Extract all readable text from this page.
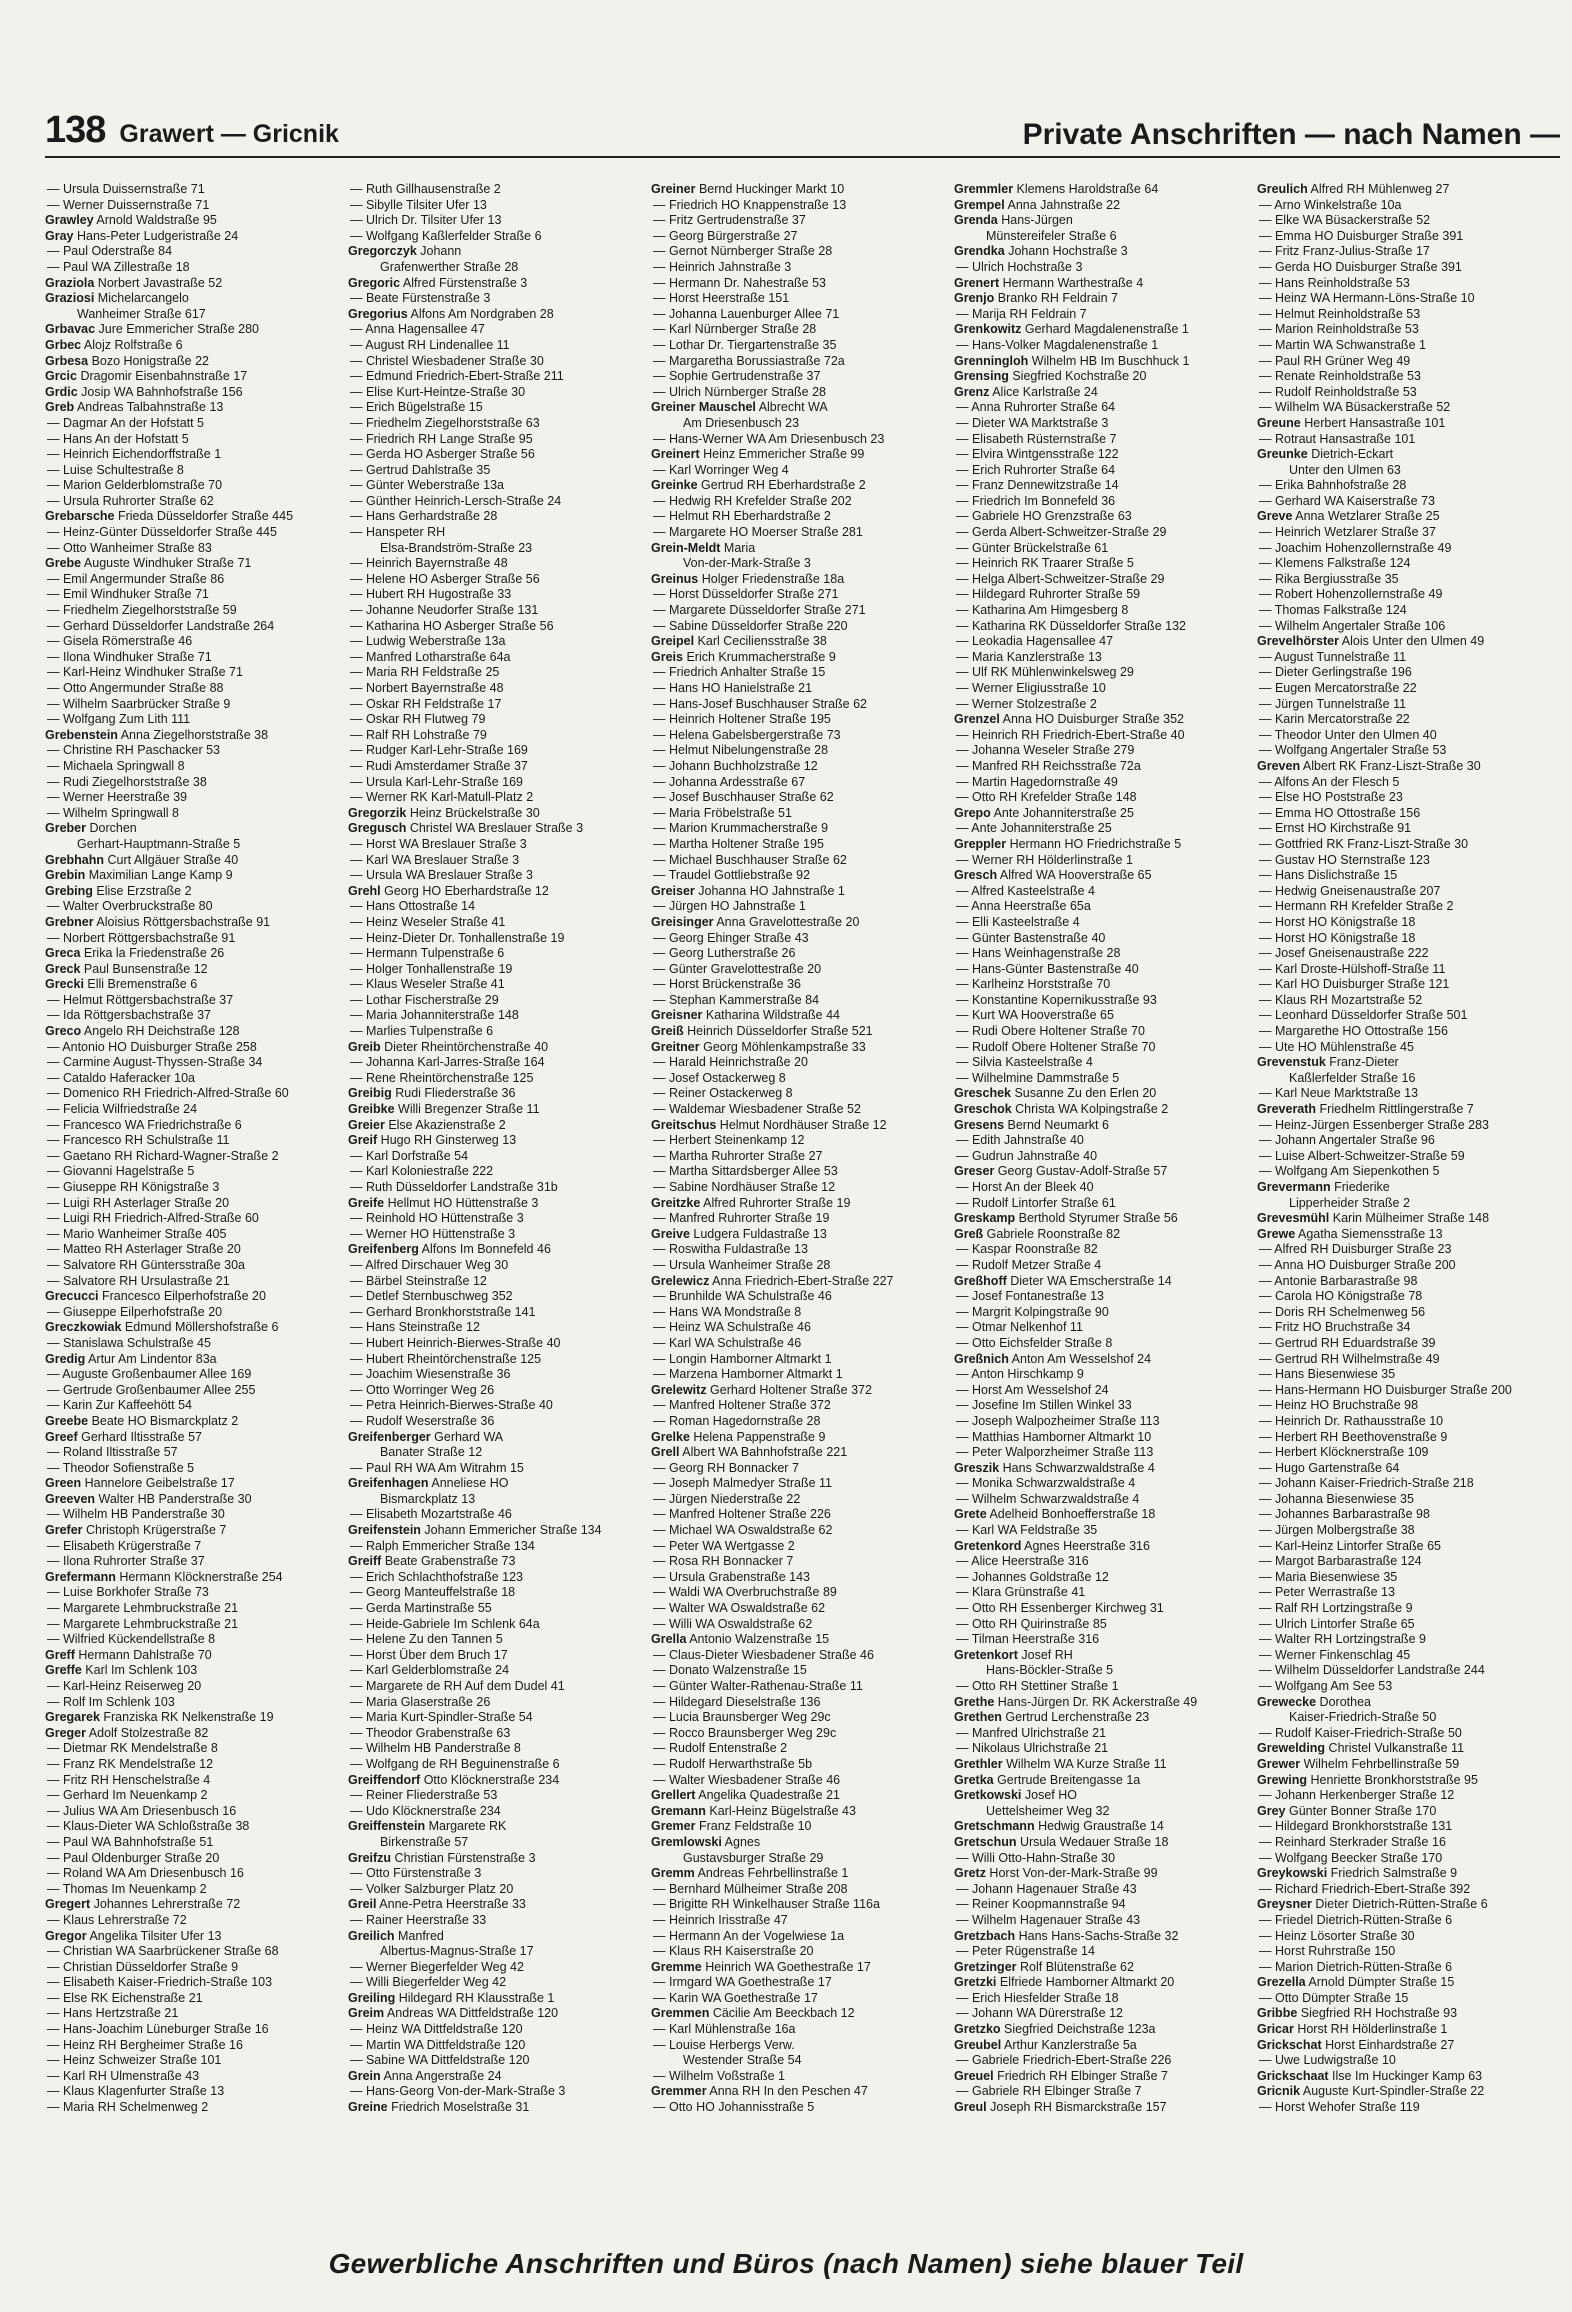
138 Grawert — Gricnik	Private Anschriften — nach Namen —
— Ursula Duissernstraße 71
— Werner Duissernstraße 71
Grawley Arnold Waldstraße 95
Gray Hans-Peter Ludgeristraße 24
— Paul Oderstraße 84
— Paul WA Zillestraße 18
Graziola Norbert Javastraße 52
Graziosi Michelarcangelo
Wanheimer Straße 617
Grbavac Jure Emmericher Straße 280
Grbec Alojz Rolfstraße 6
Grbesa Bozo Honigstraße 22
Grcic Dragomir Eisenbahnstraße 17
Grdic Josip WA Bahnhofstraße 156
Greb Andreas Talbahnstraße 13
— Dagmar An der Hofstatt 5
— Hans An der Hofstatt 5
— Heinrich Eichendorffstraße 1
— Luise Schultestraße 8
— Marion Gelderblomstraße 70
— Ursula Ruhrorter Straße 62
Grebarsche Frieda Düsseldorfer Straße 445
— Heinz-Günter Düsseldorfer Straße 445
— Otto Wanheimer Straße 83
Grebe Auguste Windhuker Straße 71
— Emil Angermunder Straße 86
— Emil Windhuker Straße 71
— Friedhelm Ziegelhorststraße 59
— Gerhard Düsseldorfer Landstraße 264
— Gisela Römerstraße 46
— Ilona Windhuker Straße 71
— Karl-Heinz Windhuker Straße 71
— Otto Angermunder Straße 88
— Wilhelm Saarbrücker Straße 9
— Wolfgang Zum Lith 111
Grebenstein Anna Ziegelhorststraße 38
— Christine RH Paschacker 53
— Michaela Springwall 8
— Rudi Ziegelhorststraße 38
— Werner Heerstraße 39
— Wilhelm Springwall 8
Greber Dorchen
Gerhart-Hauptmann-Straße 5
Grebhahn Curt Allgäuer Straße 40
Grebin Maximilian Lange Kamp 9
Grebing Elise Erzstraße 2
— Walter Overbruckstraße 80
Grebner Aloisius Röttgersbachstraße 91
— Norbert Röttgersbachstraße 91
Greca Erika la Friedenstraße 26
Greck Paul Bunsenstraße 12
Grecki Elli Bremenstraße 6
— Helmut Röttgersbachstraße 37
— Ida Röttgersbachstraße 37
Greco Angelo RH Deichstraße 128
— Antonio HO Duisburger Straße 258
— Carmine August-Thyssen-Straße 34
— Cataldo Haferacker 10a
— Domenico RH Friedrich-Alfred-Straße 60
— Felicia Wilfriedstraße 24
— Francesco WA Friedrichstraße 6
— Francesco RH Schulstraße 11
— Gaetano RH Richard-Wagner-Straße 2
— Giovanni Hagelstraße 5
— Giuseppe RH Königstraße 3
— Luigi RH Asterlager Straße 20
— Luigi RH Friedrich-Alfred-Straße 60
— Mario Wanheimer Straße 405
— Matteo RH Asterlager Straße 20
— Salvatore RH Güntersstraße 30a
— Salvatore RH Ursulastraße 21
Grecucci Francesco Eilperhofstraße 20
— Giuseppe Eilperhofstraße 20
Greczkowiak Edmund Möllershofstraße 6
— Stanislawa Schulstraße 45
Gredig Artur Am Lindentor 83a
— Auguste Großenbaumer Allee 169
— Gertrude Großenbaumer Allee 255
— Karin Zur Kaffeehött 54
Greebe Beate HO Bismarckplatz 2
Greef Gerhard Iltisstraße 57
— Roland Iltisstraße 57
— Theodor Sofienstraße 5
Green Hannelore Geibelstraße 17
Greeven Walter HB Panderstraße 30
— Wilhelm HB Panderstraße 30
Grefer Christoph Krügerstraße 7
— Elisabeth Krügerstraße 7
— Ilona Ruhrorter Straße 37
Grefermann Hermann Klöcknerstraße 254
— Luise Borkhofer Straße 73
— Margarete Lehmbruckstraße 21
— Margarete Lehmbruckstraße 21
— Wilfried Kückendellstraße 8
Greff Hermann Dahlstraße 70
Greffe Karl Im Schlenk 103
— Karl-Heinz Reiserweg 20
— Rolf Im Schlenk 103
Gregarek Franziska RK Nelkenstraße 19
Greger Adolf Stolzestraße 82
— Dietmar RK Mendelstraße 8
— Franz RK Mendelstraße 12
— Fritz RH Henschelstraße 4
— Gerhard Im Neuenkamp 2
— Julius WA Am Driesenbusch 16
— Klaus-Dieter WA Schloßstraße 38
— Paul WA Bahnhofstraße 51
— Paul Oldenburger Straße 20
— Roland WA Am Driesenbusch 16
— Thomas Im Neuenkamp 2
Gregert Johannes Lehrerstraße 72
— Klaus Lehrerstraße 72
Gregor Angelika Tilsiter Ufer 13
— Christian WA Saarbrückener Straße 68
— Christian Düsseldorfer Straße 9
— Elisabeth Kaiser-Friedrich-Straße 103
— Else RK Eichenstraße 21
— Hans Hertzstraße 21
— Hans-Joachim Lüneburger Straße 16
— Heinz RH Bergheimer Straße 16
— Heinz Schweizer Straße 101
— Karl RH Ulmenstraße 43
— Klaus Klagenfurter Straße 13
— Maria RH Schelmenweg 2
— Ruth Gillhausenstraße 2
— Sibylle Tilsiter Ufer 13
— Ulrich Dr. Tilsiter Ufer 13
— Wolfgang Kaßlerfelder Straße 6
Gregorczyk Johann
Grafenwerther Straße 28
Gregoric Alfred Fürstenstraße 3
— Beate Fürstenstraße 3
Gregorius Alfons Am Nordgraben 28
— Anna Hagensallee 47
— August RH Lindenallee 11
— Christel Wiesbadener Straße 30
— Edmund Friedrich-Ebert-Straße 211
— Elise Kurt-Heintze-Straße 30
— Erich Bügelstraße 15
— Friedhelm Ziegelhorststraße 63
— Friedrich RH Lange Straße 95
— Gerda HO Asberger Straße 56
— Gertrud Dahlstraße 35
— Günter Weberstraße 13a
— Günther Heinrich-Lersch-Straße 24
— Hans Gerhardstraße 28
— Hanspeter RH
Elsa-Brandström-Straße 23
— Heinrich Bayernstraße 48
— Helene HO Asberger Straße 56
— Hubert RH Hugostraße 33
— Johanne Neudorfer Straße 131
— Katharina HO Asberger Straße 56
— Ludwig Weberstraße 13a
— Manfred Lotharstraße 64a
— Maria RH Feldstraße 25
— Norbert Bayernstraße 48
— Oskar RH Feldstraße 17
— Oskar RH Flutweg 79
— Ralf RH Lohstraße 79
— Rudger Karl-Lehr-Straße 169
— Rudi Amsterdamer Straße 37
— Ursula Karl-Lehr-Straße 169
— Werner RK Karl-Matull-Platz 2
Gregorzik Heinz Brückelstraße 30
Gregusch Christel WA Breslauer Straße 3
— Horst WA Breslauer Straße 3
— Karl WA Breslauer Straße 3
— Ursula WA Breslauer Straße 3
Grehl Georg HO Eberhardstraße 12
— Hans Ottostraße 14
— Heinz Weseler Straße 41
— Heinz-Dieter Dr. Tonhallenstraße 19
— Hermann Tulpenstraße 6
— Holger Tonhallenstraße 19
— Klaus Weseler Straße 41
— Lothar Fischerstraße 29
— Maria Johanniterstraße 148
— Marlies Tulpenstraße 6
Greib Dieter Rheintörchenstraße 40
— Johanna Karl-Jarres-Straße 164
— Rene Rheintörchenstraße 125
Greibig Rudi Fliederstraße 36
Greibke Willi Bregenzer Straße 11
Greier Else Akazienstraße 2
Greif Hugo RH Ginsterweg 13
— Karl Dorfstraße 54
— Karl Koloniestraße 222
— Ruth Düsseldorfer Landstraße 31b
Greife Hellmut HO Hüttenstraße 3
— Reinhold HO Hüttenstraße 3
— Werner HO Hüttenstraße 3
Greifenberg Alfons Im Bonnefeld 46
— Alfred Dirschauer Weg 30
— Bärbel Steinstraße 12
— Detlef Sternbuschweg 352
— Gerhard Bronkhorststraße 141
— Hans Steinstraße 12
— Hubert Heinrich-Bierwes-Straße 40
— Hubert Rheintörchenstraße 125
— Joachim Wiesenstraße 36
— Otto Worringer Weg 26
— Petra Heinrich-Bierwes-Straße 40
— Rudolf Weserstraße 36
Greifenberger Gerhard WA
Banater Straße 12
— Paul RH WA Am Witrahm 15
Greifenhagen Anneliese HO
Bismarckplatz 13
— Elisabeth Mozartstraße 46
Greifenstein Johann Emmericher Straße 134
— Ralph Emmericher Straße 134
Greiff Beate Grabenstraße 73
— Erich Schlachthofstraße 123
— Georg Manteuffelstraße 18
— Gerda Martinstraße 55
— Heide-Gabriele Im Schlenk 64a
— Helene Zu den Tannen 5
— Horst Über dem Bruch 17
— Karl Gelderblomstraße 24
— Margarete de RH Auf dem Dudel 41
— Maria Glaserstraße 26
— Maria Kurt-Spindler-Straße 54
— Theodor Grabenstraße 63
— Wilhelm HB Panderstraße 8
— Wolfgang de RH Beguinenstraße 6
Greiffendorf Otto Klöcknerstraße 234
— Reiner Fliederstraße 53
— Udo Klöcknerstraße 234
Greiffenstein Margarete RK
Birkenstraße 57
Greifzu Christian Fürstenstraße 3
— Otto Fürstenstraße 3
— Volker Salzburger Platz 20
Greil Anne-Petra Heerstraße 33
— Rainer Heerstraße 33
Greilich Manfred
Albertus-Magnus-Straße 17
— Werner Biegerfelder Weg 42
— Willi Biegerfelder Weg 42
Greiling Hildegard RH Klausstraße 1
Greim Andreas WA Dittfeldstraße 120
— Heinz WA Dittfeldstraße 120
— Martin WA Dittfeldstraße 120
— Sabine WA Dittfeldstraße 120
Grein Anna Angerstraße 24
— Hans-Georg Von-der-Mark-Straße 3
Greine Friedrich Moselstraße 31
Greiner Bernd Huckinger Markt 10
— Friedrich HO Knappenstraße 13
— Fritz Gertrudenstraße 37
— Georg Bürgerstraße 27
— Gernot Nürnberger Straße 28
— Heinrich Jahnstraße 3
— Hermann Dr. Nahestraße 53
— Horst Heerstraße 151
— Johanna Lauenburger Allee 71
— Karl Nürnberger Straße 28
— Lothar Dr. Tiergartenstraße 35
— Margaretha Borussiastraße 72a
— Sophie Gertrudenstraße 37
— Ulrich Nürnberger Straße 28
Greiner Mauschel Albrecht WA
Am Driesenbusch 23
— Hans-Werner WA Am Driesenbusch 23
Greinert Heinz Emmericher Straße 99
— Karl Worringer Weg 4
Greinke Gertrud RH Eberhardstraße 2
— Hedwig RH Krefelder Straße 202
— Helmut RH Eberhardstraße 2
— Margarete HO Moerser Straße 281
Grein-Meldt Maria
Von-der-Mark-Straße 3
Greinus Holger Friedenstraße 18a
— Horst Düsseldorfer Straße 271
— Margarete Düsseldorfer Straße 271
— Sabine Düsseldorfer Straße 220
Greipel Karl Ceciliensstraße 38
Greis Erich Krummacherstraße 9
— Friedrich Anhalter Straße 15
— Hans HO Hanielstraße 21
— Hans-Josef Buschhauser Straße 62
— Heinrich Holtener Straße 195
— Helena Gabelsbergerstraße 73
— Helmut Nibelungenstraße 28
— Johann Buchholzstraße 12
— Johanna Ardesstraße 67
— Josef Buschhauser Straße 62
— Maria Fröbelstraße 51
— Marion Krummacherstraße 9
— Martha Holtener Straße 195
— Michael Buschhauser Straße 62
— Traudel Gottliebstraße 92
Greiser Johanna HO Jahnstraße 1
— Jürgen HO Jahnstraße 1
Greisinger Anna Gravelottestraße 20
— Georg Ehinger Straße 43
— Georg Lutherstraße 26
— Günter Gravelottestraße 20
— Horst Brückenstraße 36
— Stephan Kammerstraße 84
Greisner Katharina Wildstraße 44
Greiß Heinrich Düsseldorfer Straße 521
Greitner Georg Möhlenkampstraße 33
— Harald Heinrichstraße 20
— Josef Ostackerweg 8
— Reiner Ostackerweg 8
— Waldemar Wiesbadener Straße 52
Greitschus Helmut Nordhäuser Straße 12
— Herbert Steinenkamp 12
— Martha Ruhrorter Straße 27
— Martha Sittardsberger Allee 53
— Sabine Nordhäuser Straße 12
Greitzke Alfred Ruhrorter Straße 19
— Manfred Ruhrorter Straße 19
Greive Ludgera Fuldastraße 13
— Roswitha Fuldastraße 13
— Ursula Wanheimer Straße 28
Grelewicz Anna Friedrich-Ebert-Straße 227
— Brunhilde WA Schulstraße 46
— Hans WA Mondstraße 8
— Heinz WA Schulstraße 46
— Karl WA Schulstraße 46
— Longin Hamborner Altmarkt 1
— Marzena Hamborner Altmarkt 1
Grelewitz Gerhard Holtener Straße 372
— Manfred Holtener Straße 372
— Roman Hagedornstraße 28
Grelke Helena Pappenstraße 9
Grell Albert WA Bahnhofstraße 221
— Georg RH Bonnacker 7
— Joseph Malmedyer Straße 11
— Jürgen Niederstraße 22
— Manfred Holtener Straße 226
— Michael WA Oswaldstraße 62
— Peter WA Wertgasse 2
— Rosa RH Bonnacker 7
— Ursula Grabenstraße 143
— Waldi WA Overbruchstraße 89
— Walter WA Oswaldstraße 62
— Willi WA Oswaldstraße 62
Grella Antonio Walzenstraße 15
— Claus-Dieter Wiesbadener Straße 46
— Donato Walzenstraße 15
— Günter Walter-Rathenau-Straße 11
— Hildegard Dieselstraße 136
— Lucia Braunsberger Weg 29c
— Rocco Braunsberger Weg 29c
— Rudolf Entenstraße 2
— Rudolf Herwarthstraße 5b
— Walter Wiesbadener Straße 46
Grellert Angelika Quadestraße 21
Gremann Karl-Heinz Bügelstraße 43
Gremer Franz Feldstraße 10
Gremlowski Agnes
Gustavsburger Straße 29
Gremm Andreas Fehrbellinstraße 1
— Bernhard Mülheimer Straße 208
— Brigitte RH Winkelhauser Straße 116a
— Heinrich Irisstraße 47
— Hermann An der Vogelwiese 1a
— Klaus RH Kaiserstraße 20
Gremme Heinrich WA Goethestraße 17
— Irmgard WA Goethestraße 17
— Karin WA Goethestraße 17
Gremmen Cäcilie Am Beeckbach 12
— Karl Mühlenstraße 16a
— Louise Herbergs Verw.
Westender Straße 54
— Wilhelm Voßstraße 1
Gremmer Anna RH In den Peschen 47
— Otto HO Johannisstraße 5
Gremmler Klemens Haroldstraße 64
Grempel Anna Jahnstraße 22
Grenda Hans-Jürgen
Münstereifeler Straße 6
Grendka Johann Hochstraße 3
— Ulrich Hochstraße 3
Grenert Hermann Warthestraße 4
Grenjo Branko RH Feldrain 7
— Marija RH Feldrain 7
Grenkowitz Gerhard Magdalenenstraße 1
— Hans-Volker Magdalenenstraße 1
Grenningloh Wilhelm HB Im Buschhuck 1
Grensing Siegfried Kochstraße 20
Grenz Alice Karlstraße 24
— Anna Ruhrorter Straße 64
— Dieter WA Marktstraße 3
— Elisabeth Rüsternstraße 7
— Elvira Wintgensstraße 122
— Erich Ruhrorter Straße 64
— Franz Dennewitzstraße 14
— Friedrich Im Bonnefeld 36
— Gabriele HO Grenzstraße 63
— Gerda Albert-Schweitzer-Straße 29
— Günter Brückelstraße 61
— Heinrich RK Traarer Straße 5
— Helga Albert-Schweitzer-Straße 29
— Hildegard Ruhrorter Straße 59
— Katharina Am Himgesberg 8
— Katharina RK Düsseldorfer Straße 132
— Leokadia Hagensallee 47
— Maria Kanzlerstraße 13
— Ulf RK Mühlenwinkelsweg 29
— Werner Eligiusstraße 10
— Werner Stolzestraße 2
Grenzel Anna HO Duisburger Straße 352
— Heinrich RH Friedrich-Ebert-Straße 40
— Johanna Weseler Straße 279
— Manfred RH Reichsstraße 72a
— Martin Hagedornstraße 49
— Otto RH Krefelder Straße 148
Grepo Ante Johanniterstraße 25
— Ante Johanniterstraße 25
Greppler Hermann HO Friedrichstraße 5
— Werner RH Hölderlinstraße 1
Gresch Alfred WA Hooverstraße 65
— Alfred Kasteelstraße 4
— Anna Heerstraße 65a
— Elli Kasteelstraße 4
— Günter Bastenstraße 40
— Hans Weinhagenstraße 28
— Hans-Günter Bastenstraße 40
— Karlheinz Horststraße 70
— Konstantine Kopernikusstraße 93
— Kurt WA Hooverstraße 65
— Rudi Obere Holtener Straße 70
— Rudolf Obere Holtener Straße 70
— Silvia Kasteelstraße 4
— Wilhelmine Dammstraße 5
Greschek Susanne Zu den Erlen 20
Greschok Christa WA Kolpingstraße 2
Gresens Bernd Neumarkt 6
— Edith Jahnstraße 40
— Gudrun Jahnstraße 40
Greser Georg Gustav-Adolf-Straße 57
— Horst An der Bleek 40
— Rudolf Lintorfer Straße 61
Greskamp Berthold Styrumer Straße 56
Greß Gabriele Roonstraße 82
— Kaspar Roonstraße 82
— Rudolf Metzer Straße 4
Greßhoff Dieter WA Emscherstraße 14
— Josef Fontanestraße 13
— Margrit Kolpingstraße 90
— Otmar Nelkenhof 11
— Otto Eichsfelder Straße 8
Greßnich Anton Am Wesselshof 24
— Anton Hirschkamp 9
— Horst Am Wesselshof 24
— Josefine Im Stillen Winkel 33
— Joseph Walpozheimer Straße 113
— Matthias Hamborner Altmarkt 10
— Peter Walporzheimer Straße 113
Greszik Hans Schwarzwaldstraße 4
— Monika Schwarzwaldstraße 4
— Wilhelm Schwarzwaldstraße 4
Grete Adelheid Bonhoefferstraße 18
— Karl WA Feldstraße 35
Gretenkord Agnes Heerstraße 316
— Alice Heerstraße 316
— Johannes Goldstraße 12
— Klara Grünstraße 41
— Otto RH Essenberger Kirchweg 31
— Otto RH Quirinstraße 85
— Tilman Heerstraße 316
Gretenkort Josef RH
Hans-Böckler-Straße 5
— Otto RH Stettiner Straße 1
Grethe Hans-Jürgen Dr. RK Ackerstraße 49
Grethen Gertrud Lerchenstraße 23
— Manfred Ulrichstraße 21
— Nikolaus Ulrichstraße 21
Grethler Wilhelm WA Kurze Straße 11
Gretka Gertrude Breitengasse 1a
Gretkowski Josef HO
Uettelsheimer Weg 32
Gretschmann Hedwig Graustraße 14
Gretschun Ursula Wedauer Straße 18
— Willi Otto-Hahn-Straße 30
Gretz Horst Von-der-Mark-Straße 99
— Johann Hagenauer Straße 43
— Reiner Koopmannstraße 94
— Wilhelm Hagenauer Straße 43
Gretzbach Hans Hans-Sachs-Straße 32
— Peter Rügenstraße 14
Gretzinger Rolf Blütenstraße 62
Gretzki Elfriede Hamborner Altmarkt 20
— Erich Hiesfelder Straße 18
— Johann WA Dürerstraße 12
Gretzko Siegfried Deichstraße 123a
Greubel Arthur Kanzlerstraße 5a
— Gabriele Friedrich-Ebert-Straße 226
Greuel Friedrich RH Elbinger Straße 7
— Gabriele RH Elbinger Straße 7
Greul Joseph RH Bismarckstraße 157
Greulich Alfred RH Mühlenweg 27
— Arno Winkelstraße 10a
— Elke WA Büsackerstraße 52
— Emma HO Duisburger Straße 391
— Fritz Franz-Julius-Straße 17
— Gerda HO Duisburger Straße 391
— Hans Reinholdstraße 53
— Heinz WA Hermann-Löns-Straße 10
— Helmut Reinholdstraße 53
— Marion Reinholdstraße 53
— Martin WA Schwanstraße 1
— Paul RH Grüner Weg 49
— Renate Reinholdstraße 53
— Rudolf Reinholdstraße 53
— Wilhelm WA Büsackerstraße 52
Greune Herbert Hansastraße 101
— Rotraut Hansastraße 101
Greunke Dietrich-Eckart
Unter den Ulmen 63
— Erika Bahnhofstraße 28
— Gerhard WA Kaiserstraße 73
Greve Anna Wetzlarer Straße 25
— Heinrich Wetzlarer Straße 37
— Joachim Hohenzollernstraße 49
— Klemens Falkstraße 124
— Rika Bergiusstraße 35
— Robert Hohenzollernstraße 49
— Thomas Falkstraße 124
— Wilhelm Angertaler Straße 106
Grevelhörster Alois Unter den Ulmen 49
— August Tunnelstraße 11
— Dieter Gerlingstraße 196
— Eugen Mercatorstraße 22
— Jürgen Tunnelstraße 11
— Karin Mercatorstraße 22
— Theodor Unter den Ulmen 40
— Wolfgang Angertaler Straße 53
Greven Albert RK Franz-Liszt-Straße 30
— Alfons An der Flesch 5
— Else HO Poststraße 23
— Emma HO Ottostraße 156
— Ernst HO Kirchstraße 91
— Gottfried RK Franz-Liszt-Straße 30
— Gustav HO Sternstraße 123
— Hans Dislichstraße 15
— Hedwig Gneisenaustraße 207
— Hermann RH Krefelder Straße 2
— Horst HO Königstraße 18
— Horst HO Königstraße 18
— Josef Gneisenaustraße 222
— Karl Droste-Hülshoff-Straße 11
— Karl HO Duisburger Straße 121
— Klaus RH Mozartstraße 52
— Leonhard Düsseldorfer Straße 501
— Margarethe HO Ottostraße 156
— Ute HO Mühlenstraße 45
Grevenstuk Franz-Dieter
Kaßlerfelder Straße 16
— Karl Neue Marktstraße 13
Greverath Friedhelm Rittlingerstraße 7
— Heinz-Jürgen Essenberger Straße 283
— Johann Angertaler Straße 96
— Luise Albert-Schweitzer-Straße 59
— Wolfgang Am Siepenkothen 5
Grevermann Friederike
Lipperheider Straße 2
Grevesmühl Karin Mülheimer Straße 148
Grewe Agatha Siemensstraße 13
— Alfred RH Duisburger Straße 23
— Anna HO Duisburger Straße 200
— Antonie Barbarastraße 98
— Carola HO Königstraße 78
— Doris RH Schelmenweg 56
— Fritz HO Bruchstraße 34
— Gertrud RH Eduardstraße 39
— Gertrud RH Wilhelmstraße 49
— Hans Biesenwiese 35
— Hans-Hermann HO Duisburger Straße 200
— Heinz HO Bruchstraße 98
— Heinrich Dr. Rathausstraße 10
— Herbert RH Beethovenstraße 9
— Herbert Klöcknerstraße 109
— Hugo Gartenstraße 64
— Johann Kaiser-Friedrich-Straße 218
— Johanna Biesenwiese 35
— Johannes Barbarastraße 98
— Jürgen Molbergstraße 38
— Karl-Heinz Lintorfer Straße 65
— Margot Barbarastraße 124
— Maria Biesenwiese 35
— Peter Werrastraße 13
— Ralf RH Lortzingstraße 9
— Ulrich Lintorfer Straße 65
— Walter RH Lortzingstraße 9
— Werner Finkenschlag 45
— Wilhelm Düsseldorfer Landstraße 244
— Wolfgang Am See 53
Grewecke Dorothea
Kaiser-Friedrich-Straße 50
— Rudolf Kaiser-Friedrich-Straße 50
Grewelding Christel Vulkanstraße 11
Grewer Wilhelm Fehrbellinstraße 59
Grewing Henriette Bronkhorststraße 95
— Johann Herkenberger Straße 12
Grey Günter Bonner Straße 170
— Hildegard Bronkhorststraße 131
— Reinhard Sterkrader Straße 16
— Wolfgang Beecker Straße 170
Greykowski Friedrich Salmstraße 9
— Richard Friedrich-Ebert-Straße 392
Greysner Dieter Dietrich-Rütten-Straße 6
— Friedel Dietrich-Rütten-Straße 6
— Heinz Lösorter Straße 30
— Horst Ruhrstraße 150
— Marion Dietrich-Rütten-Straße 6
Grezella Arnold Dümpter Straße 15
— Otto Dümpter Straße 15
Gribbe Siegfried RH Hochstraße 93
Gricar Horst RH Hölderlinstraße 1
Grickschat Horst Einhardstraße 27
— Uwe Ludwigstraße 10
Grickschaat Ilse Im Huckinger Kamp 63
Gricnik Auguste Kurt-Spindler-Straße 22
— Horst Wehofer Straße 119
Gewerbliche Anschriften und Büros (nach Namen) siehe blauer Teil
